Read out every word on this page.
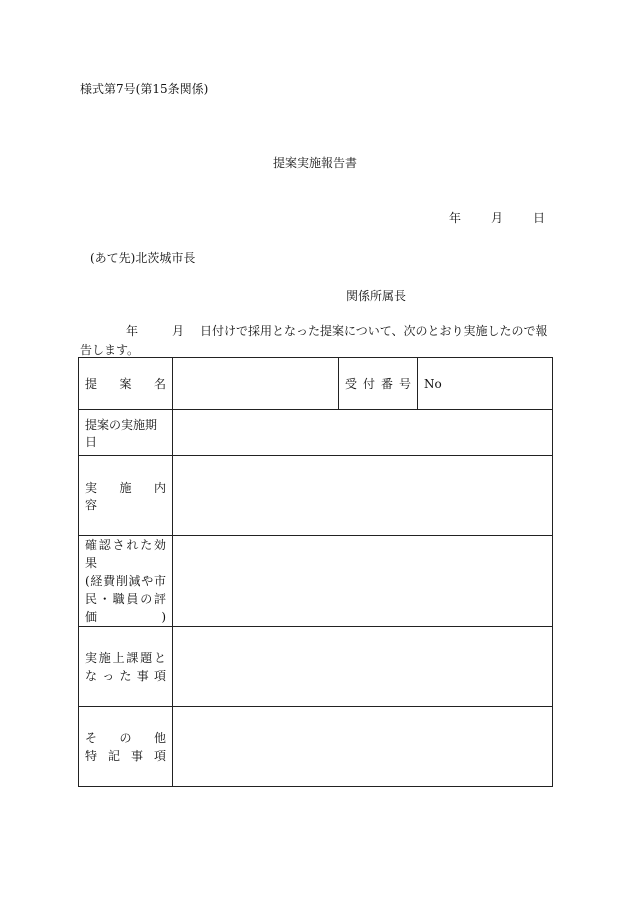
様式第7号(第15条関係)
提案実施報告書
年	月	日
(あて先)北茨城市長
関係所属長
年	月 日付けで採用となった提案について、次のとおり実施したので報告します。
提　案　名		受 付 番 号	No
提案の実施期日			
実　施　内　容			

確認された効果
(経費削減や市
民・職員の評価)			

実施上課題と
なった事項			

その他
特記事項			
